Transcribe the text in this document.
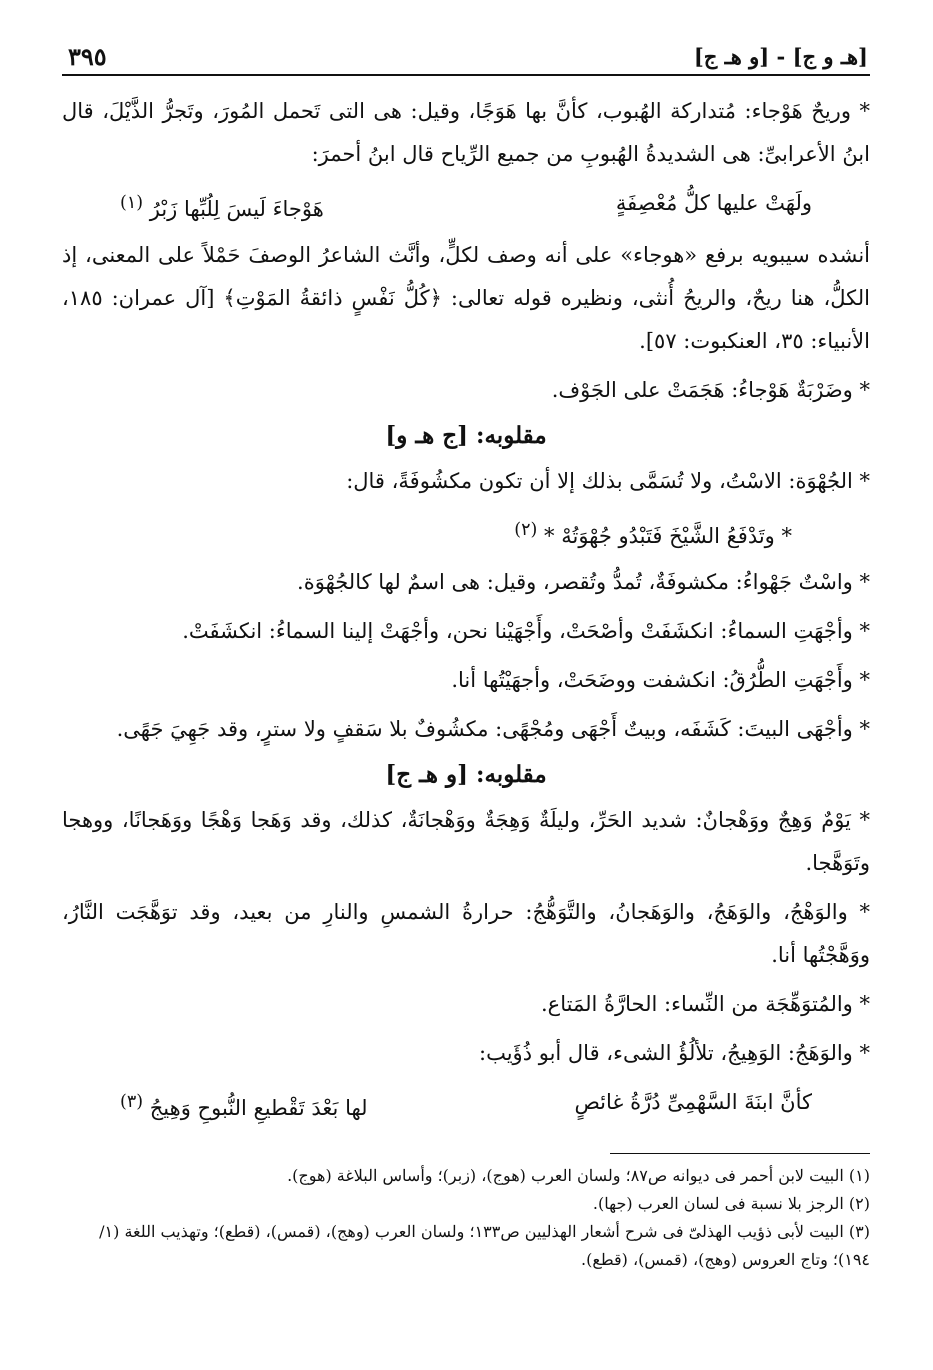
[هـ و ج] - [و هـ ج]
٣٩٥

* وريحٌ هَوْجاء: مُتداركة الهُبوب، كأنَّ بها هَوَجًا، وقيل: هى التى تَحمل المُورَ، وتَجرُّ الذَّيْلَ، قال ابنُ الأعرابىِّ: هى الشديدةُ الهُبوبِ من جميع الرِّياح قال ابنُ أحمرَ:

ولَهَتْ عليها كلُّ مُعْصِفَةٍ
هَوْجاءَ لَيسَ لِلُبِّها زَبْرُ $^{(١)}$

أنشده سيبويه برفع «هوجاء» على أنه وصف لكلٍّ، وأنَّث الشاعرُ الوصفَ حَمْلاً على المعنى، إذ الكلُّ، هنا ريحٌ، والريحُ أُنثى، ونظيره قوله تعالى: ﴿كُلُّ نَفْسٍ ذائقةُ المَوْتِ﴾ [آل عمران: ١٨٥، الأنبياء: ٣٥، العنكبوت: ٥٧].

* وضَرْبَةٌ هَوْجاءُ: هَجَمَتْ على الجَوْف.

مقلوبه: [ج هـ و]

* الجُهْوَة: الاسْتُ، ولا تُسَمَّى بذلك إلا أن تكون مكشُوفَةً، قال:

* وتَدْفَعُ الشَّيْخَ فَتَبْدُو جُهْوَتُهْ * $^{(٢)}$

* واسْتٌ جَهْواءُ: مكشوفَةٌ، تُمدُّ وتُقصر، وقيل: هى اسمٌ لها كالجُهْوَة.

* وأجْهَتِ السماءُ: انكشَفَتْ وأصْحَتْ، وأَجْهَيْنا نحن، وأجْهَتْ إلينا السماءُ: انكشَفَتْ.

* وأَجْهَتِ الطُّرُقُ: انكشفت ووضَحَتْ، وأجهَيْتُها أنا.

* وأجْهَى البيتَ: كَشَفَه، وبيتٌ أَجْهَى ومُجْهًى: مكشُوفٌ بلا سَقفٍ ولا سترٍ، وقد جَهِيَ جَهًى.

مقلوبه: [و هـ ج]

* يَوْمٌ وَهِجٌ ووَهْجانٌ: شديد الحَرِّ، وليلَةٌ وَهِجَةٌ ووَهْجانَةٌ، كذلك، وقد وَهَجا وَهْجًا ووَهَجانًا، ووهجا وتَوَهَّجا.

* والوَهْجُ، والوَهَجُ، والوَهَجانُ، والتَّوَهُّجُ: حرارةُ الشمسِ والنارِ من بعيد، وقد توَهَّجَت النَّارُ، ووَهَّجْتُها أنا.

* والمُتوَهِّجَة من النِّساء: الحارَّةُ المَتاع.

* والوَهَجُ: الوَهِيجُ، تلألُؤُ الشىء، قال أبو ذُؤَيب:

كأنَّ ابنَةَ السَّهْمِىِّ دُرَّةُ غائصٍ
لها بَعْدَ تَقْطيعِ النُّبوحِ وَهِيجُ $^{(٣)}$

(١) البيت لابن أحمر فى ديوانه ص٨٧؛ ولسان العرب (هوج)، (زبر)؛ وأساس البلاغة (هوج).

(٢) الرجز بلا نسبة فى لسان العرب (جها).

(٣) البيت لأبى ذؤيب الهذلىّ فى شرح أشعار الهذليين ص١٣٣؛ ولسان العرب (وهج)، (قمس)، (قطع)؛ وتهذيب اللغة (١/ ١٩٤)؛ وتاج العروس (وهج)، (قمس)، (قطع).
